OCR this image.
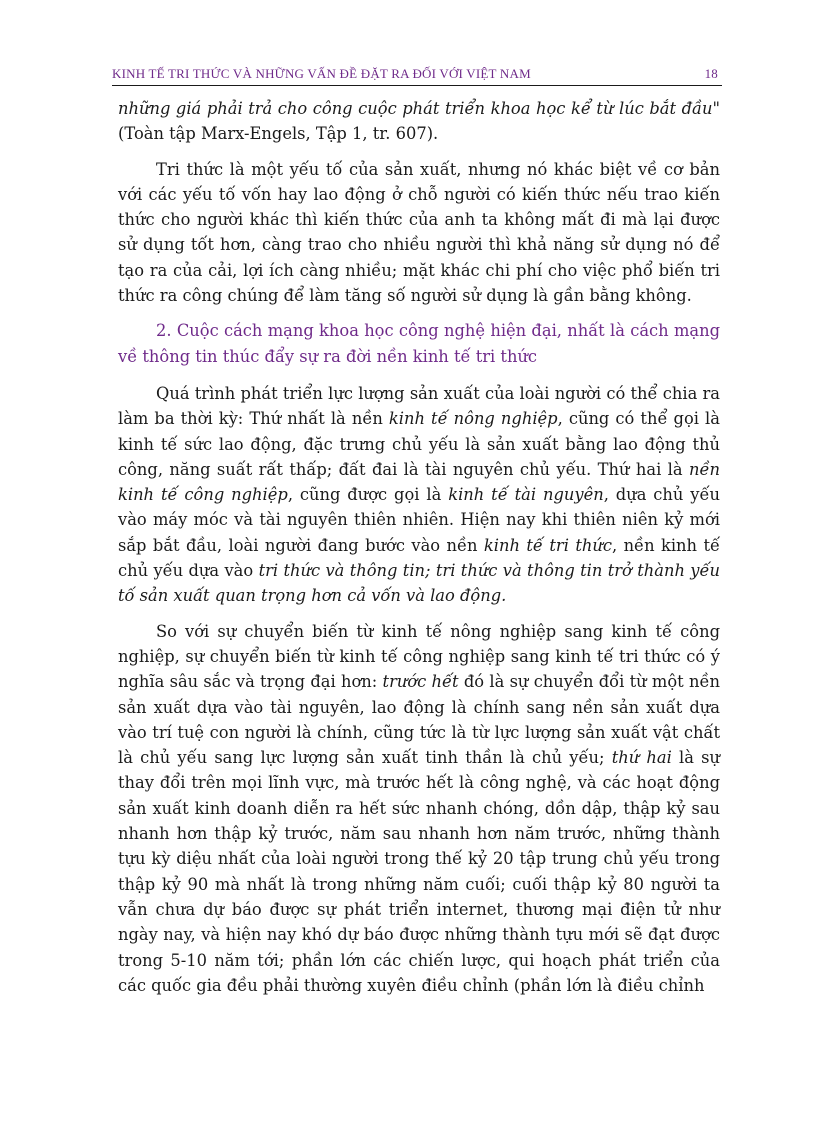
KINH TẾ TRI THỨC VÀ NHỮNG VẤN ĐỀ ĐẶT RA ĐỐI VỚI VIỆT NAM	18

những giá phải trả cho công cuộc phát triển khoa học kể từ lúc bắt đầu"(Toàn tập Marx-Engels, Tập 1, tr. 607).

Tri thức là một yếu tố của sản xuất, nhưng nó khác biệt về cơ bản với các yếu tố vốn hay lao động ở chỗ người có kiến thức nếu trao kiến thức cho người khác thì kiến thức của anh ta không mất đi mà lại được sử dụng tốt hơn, càng trao cho nhiều người thì khả năng sử dụng nó để tạo ra của cải, lợi ích càng nhiều; mặt khác chi phí cho việc phổ biến tri thức ra công chúng để làm tăng số người sử dụng là gần bằng không.

2. Cuộc cách mạng khoa học công nghệ hiện đại, nhất là cách mạng về thông tin thúc đẩy sự ra đời nền kinh tế tri thức

Quá trình phát triển lực lượng sản xuất của loài người có thể chia ra làm ba thời kỳ: Thứ nhất là nền kinh tế nông nghiệp, cũng có thể gọi là kinh tế sức lao động, đặc trưng chủ yếu là sản xuất bằng lao động thủ công, năng suất rất thấp; đất đai là tài nguyên chủ yếu. Thứ hai là nền kinh tế công nghiệp, cũng được gọi là kinh tế tài nguyên, dựa chủ yếu vào máy móc và tài nguyên thiên nhiên. Hiện nay khi thiên niên kỷ mới sắp bắt đầu, loài người đang bước vào nền kinh tế tri thức, nền kinh tế chủ yếu dựa vào tri thức và thông tin; tri thức và thông tin trở thành yếu tố sản xuất quan trọng hơn cả vốn và lao động.

So với sự chuyển biến từ kinh tế nông nghiệp sang kinh tế công nghiệp, sự chuyển biến từ kinh tế công nghiệp sang kinh tế tri thức có ý nghĩa sâu sắc và trọng đại hơn: trước hết đó là sự chuyển đổi từ một nền sản xuất dựa vào tài nguyên, lao động là chính sang nền sản xuất dựa vào trí tuệ con người là chính, cũng tức là từ lực lượng sản xuất vật chất là chủ yếu sang lực lượng sản xuất tinh thần là chủ yếu; thứ hai là sự thay đổi trên mọi lĩnh vực, mà trước hết là công nghệ, và các hoạt động sản xuất kinh doanh diễn ra hết sức nhanh chóng, dồn dập, thập kỷ sau nhanh hơn thập kỷ trước, năm sau nhanh hơn năm trước, những thành tựu kỳ diệu nhất của loài người trong thế kỷ 20 tập trung chủ yếu trong thập kỷ 90 mà nhất là trong những năm cuối; cuối thập kỷ 80 người ta vẫn chưa dự báo được sự phát triển internet, thương mại điện tử như ngày nay, và hiện nay khó dự báo được những thành tựu mới sẽ đạt được trong 5-10 năm tới; phần lớn các chiến lược, qui hoạch phát triển của các quốc gia đều phải thường xuyên điều chỉnh (phần lớn là điều chỉnh
